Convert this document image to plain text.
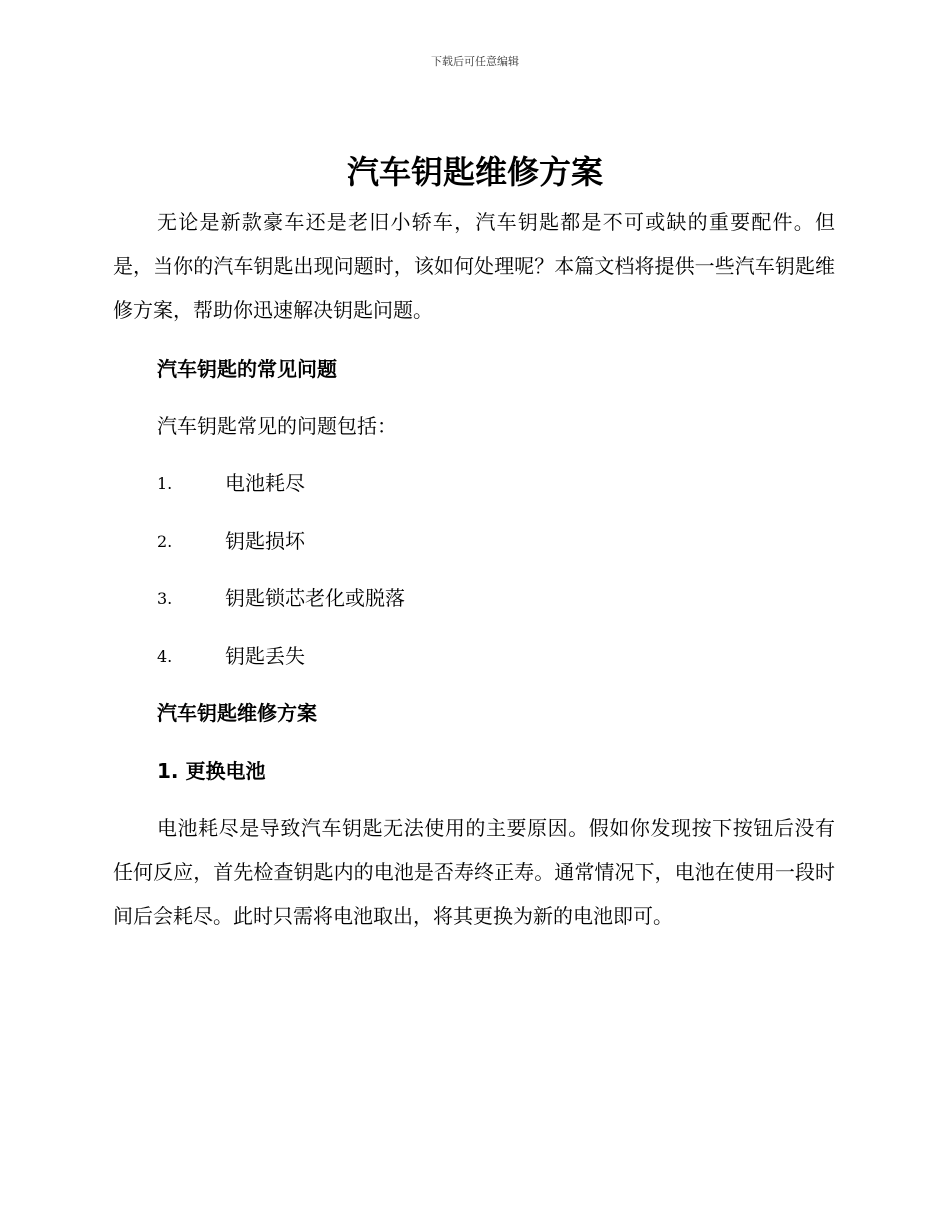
下载后可任意编辑
汽车钥匙维修方案

无论是新款豪车还是老旧小轿车，汽车钥匙都是不可或缺的重要配件。但是，当你的汽车钥匙出现问题时，该如何处理呢？本篇文档将提供一些汽车钥匙维修方案，帮助你迅速解决钥匙问题。

汽车钥匙的常见问题

汽车钥匙常见的问题包括：

1.	电池耗尽
2.	钥匙损坏
3.	钥匙锁芯老化或脱落
4.	钥匙丢失
汽车钥匙维修方案
1. 更换电池

电池耗尽是导致汽车钥匙无法使用的主要原因。假如你发现按下按钮后没有任何反应，首先检查钥匙内的电池是否寿终正寿。通常情况下，电池在使用一段时间后会耗尽。此时只需将电池取出，将其更换为新的电池即可。
